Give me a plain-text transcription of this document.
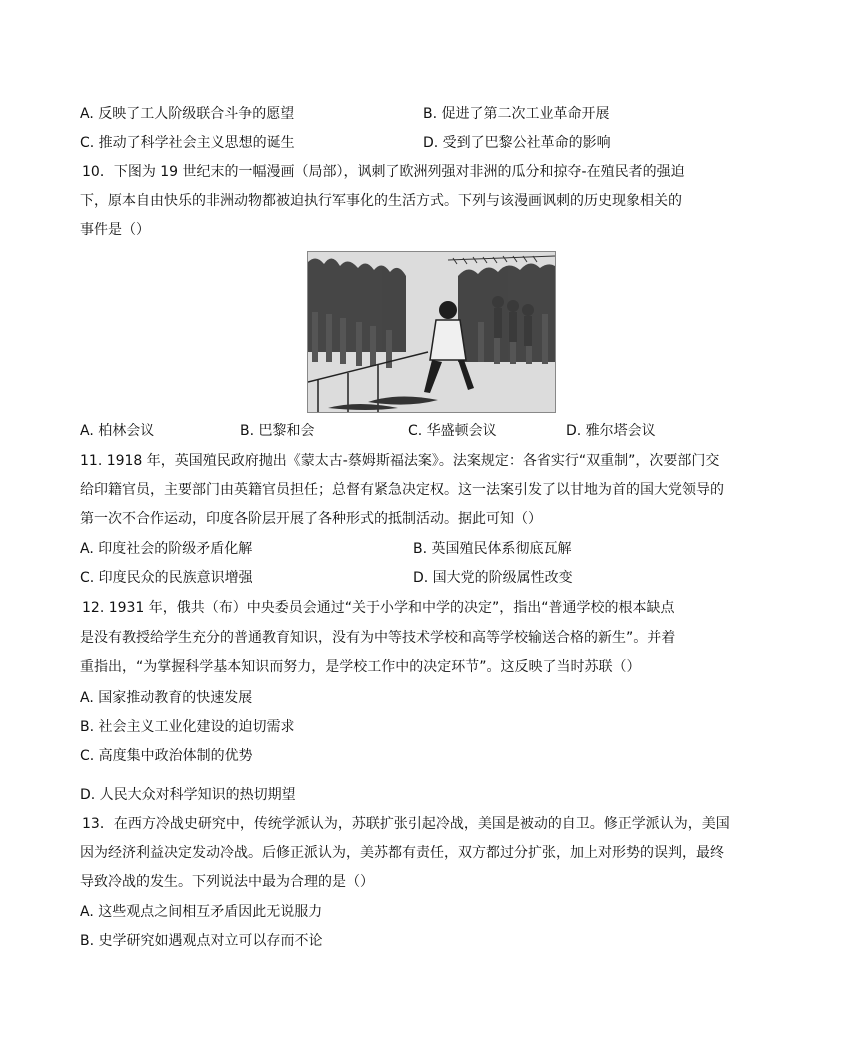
A. 反映了工人阶级联合斗争的愿望	B. 促进了第二次工业革命开展
C. 推动了科学社会主义思想的诞生	D. 受到了巴黎公社革命的影响
10．下图为 19 世纪末的一幅漫画（局部），讽刺了欧洲列强对非洲的瓜分和掠夺-在殖民者的强迫
下，原本自由快乐的非洲动物都被迫执行军事化的生活方式。下列与该漫画讽刺的历史现象相关的
事件是（）
A. 柏林会议	B. 巴黎和会	C. 华盛顿会议	D. 雅尔塔会议
11. 1918 年，英国殖民政府抛出《蒙太古-蔡姆斯福法案》。法案规定：各省实行“双重制”，次要部门交
给印籍官员，主要部门由英籍官员担任；总督有紧急决定权。这一法案引发了以甘地为首的国大党领导的
第一次不合作运动，印度各阶层开展了各种形式的抵制活动。据此可知（）
A. 印度社会的阶级矛盾化解	B. 英国殖民体系彻底瓦解
C. 印度民众的民族意识增强	D. 国大党的阶级属性改变
12. 1931 年，俄共（布）中央委员会通过“关于小学和中学的决定”，指出“普通学校的根本缺点
是没有教授给学生充分的普通教育知识，没有为中等技术学校和高等学校输送合格的新生”。并着
重指出，“为掌握科学基本知识而努力，是学校工作中的决定环节”。这反映了当时苏联（）
A. 国家推动教育的快速发展
B. 社会主义工业化建设的迫切需求
C. 高度集中政治体制的优势
D. 人民大众对科学知识的热切期望
13．在西方冷战史研究中，传统学派认为，苏联扩张引起冷战，美国是被动的自卫。修正学派认为，美国
因为经济利益决定发动冷战。后修正派认为，美苏都有责任，双方都过分扩张，加上对形势的误判，最终
导致冷战的发生。下列说法中最为合理的是（）
A. 这些观点之间相互矛盾因此无说服力
B. 史学研究如遇观点对立可以存而不论
